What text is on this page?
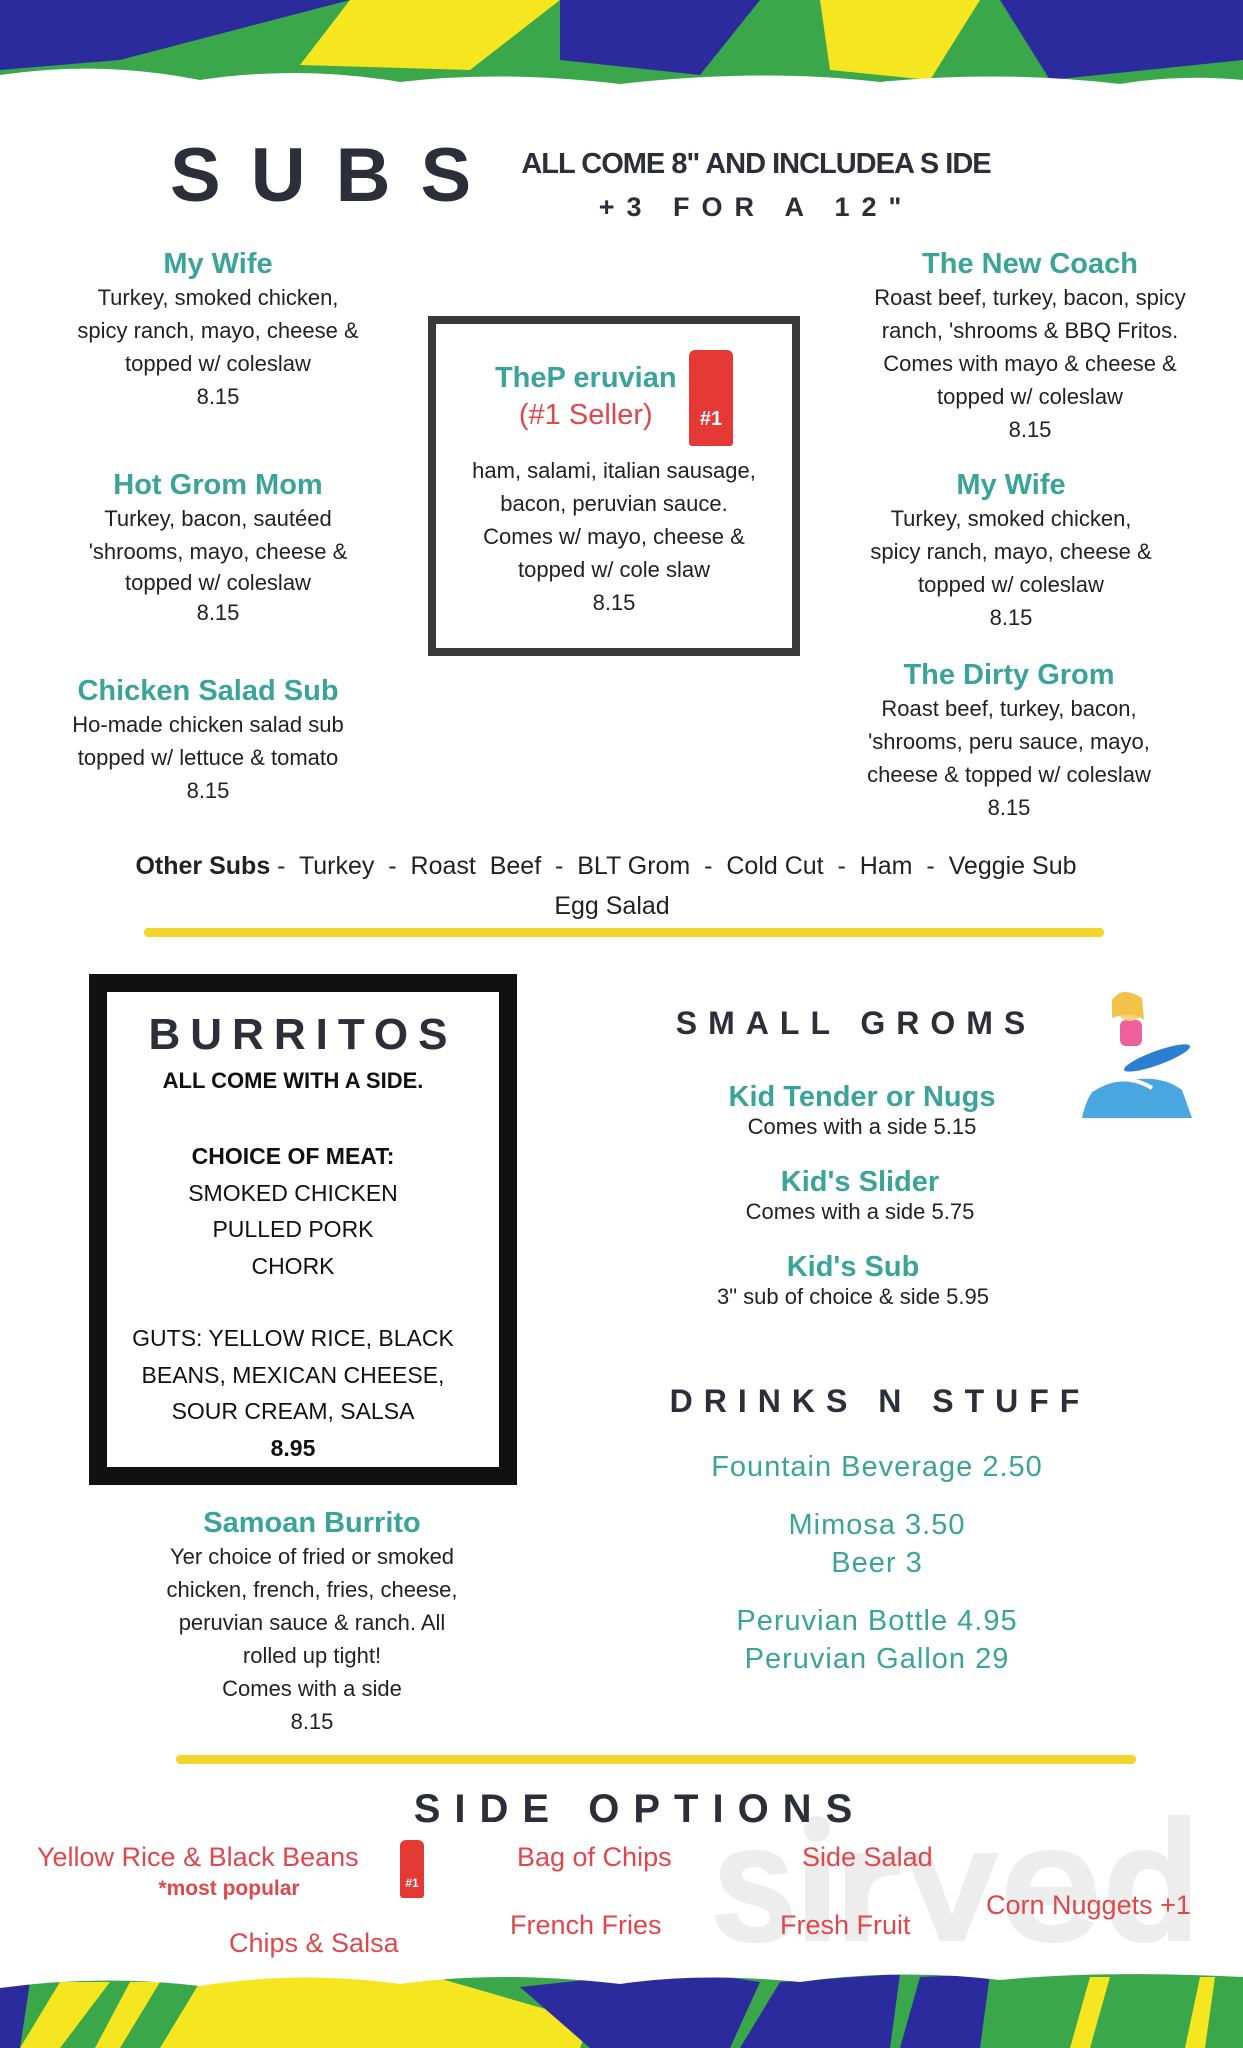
SUBS ALL COME 8" AND INCLUDEA S IDE
+3 FOR A 12"
My Wife
Turkey, smoked chicken,
spicy ranch, mayo, cheese &
topped w/ coleslaw
8.15
Hot Grom Mom
Turkey, bacon, sautéed
'shrooms, mayo, cheese &
topped w/ coleslaw
8.15
Chicken Salad Sub
Ho-made chicken salad sub
topped w/ lettuce & tomato
8.15
TheP eruvian
(#1 Seller)	#1
ham, salami, italian sausage,
bacon, peruvian sauce.
Comes w/ mayo, cheese &
topped w/ cole slaw
8.15
The New Coach
Roast beef, turkey, bacon, spicy
ranch, 'shrooms & BBQ Fritos.
Comes with mayo & cheese &
topped w/ coleslaw
8.15
My Wife
Turkey, smoked chicken,
spicy ranch, mayo, cheese &
topped w/ coleslaw
8.15
The Dirty Grom
Roast beef, turkey, bacon,
'shrooms, peru sauce, mayo,
cheese & topped w/ coleslaw
8.15
Other Subs -  Turkey  -  Roast  Beef  -  BLT Grom  -  Cold Cut  -  Ham  -  Veggie Sub
Egg Salad
BURRITOS
ALL COME WITH A SIDE.
CHOICE OF MEAT:
SMOKED CHICKEN
PULLED PORK
CHORK
GUTS: YELLOW RICE, BLACK
BEANS, MEXICAN CHEESE,
SOUR CREAM, SALSA
8.95
Samoan Burrito
Yer choice of fried or smoked
chicken, french, fries, cheese,
peruvian sauce & ranch. All
rolled up tight!
Comes with a side
8.15
SMALL GROMS
Kid Tender or Nugs
Comes with a side 5.15
Kid's Slider
Comes with a side 5.75
Kid's Sub
3" sub of choice & side 5.95
DRINKS N STUFF
Fountain Beverage 2.50
Mimosa 3.50
Beer 3
Peruvian Bottle 4.95
Peruvian Gallon 29
SIDE OPTIONS
Yellow Rice & Black Beans
*most popular	#1
Bag of Chips	Side Salad
Corn Nuggets +1
French Fries	Fresh Fruit
Chips & Salsa
